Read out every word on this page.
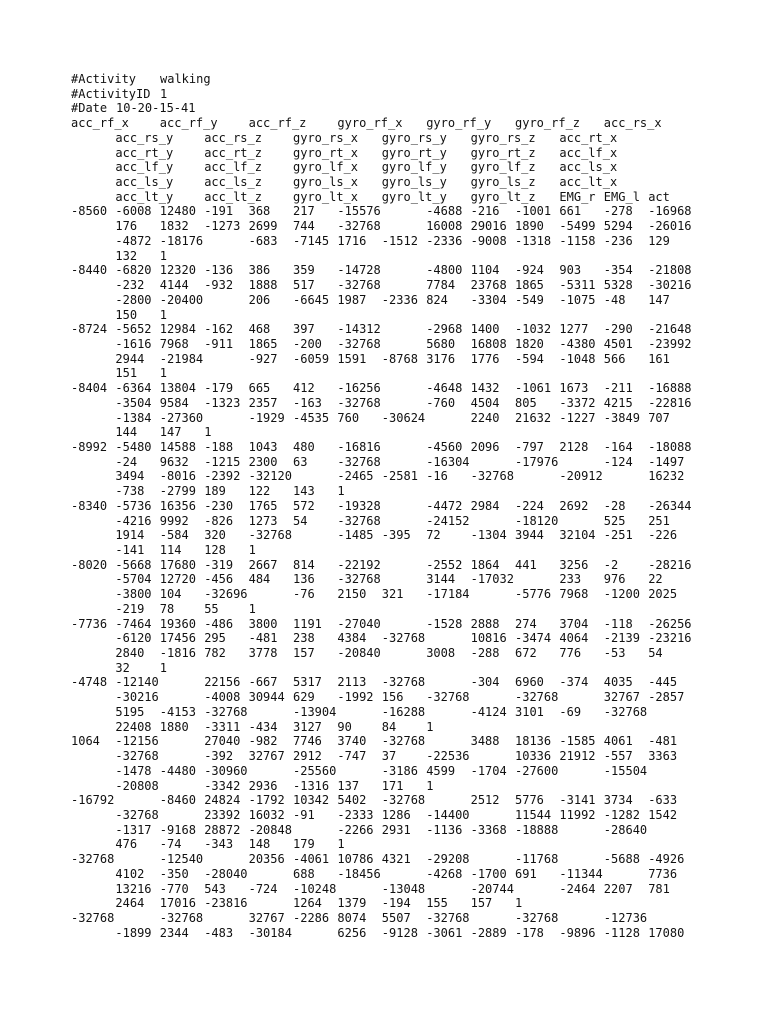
#Activity walking
#ActivityID 1
#Date 10-20-15-41
acc_rf_x	acc_rf_y	acc_rf_z	gyro_rf_x gyro_rf_y gyro_rf_z acc_rs_x
acc_rs_y	acc_rs_z	gyro_rs_x gyro_rs_y gyro_rs_z acc_rt_x
acc_rt_y	acc_rt_z	gyro_rt_x gyro_rt_y gyro_rt_z acc_lf_x
acc_lf_y	acc_lf_z	gyro_lf_x gyro_lf_y gyro_lf_z acc_ls_x
acc_ls_y	acc_ls_z	gyro_ls_x gyro_ls_y gyro_ls_z acc_lt_x
acc_lt_y	acc_lt_z	gyro_lt_x gyro_lt_y gyro_lt_z EMG_r EMG_l act
-8560 -6008 12480 -191 368 217 -15576	-4688 -216 -1001 661 -278 -16968
176 1832 -1273 2699 744 -32768	16008 29016 1890 -5499 5294 -26016
-4872 -18176	-683 -7145 1716 -1512 -2336 -9008 -1318 -1158 -236 129
132 1
-8440 -6820 12320 -136 386 359 -14728	-4800 1104 -924 903 -354 -21808
-232 4144 -932 1888 517 -32768	7784 23768 1865 -5311 5328 -30216
-2800 -20400	206 -6645 1987 -2336 824 -3304 -549 -1075 -48 147
150 1
-8724 -5652 12984 -162 468 397 -14312	-2968 1400 -1032 1277 -290 -21648
-1616 7968 -911 1865 -200 -32768	5680 16808 1820 -4380 4501 -23992
2944 -21984	-927 -6059 1591 -8768 3176 1776 -594 -1048 566 161
151 1
-8404 -6364 13804 -179 665 412 -16256	-4648 1432 -1061 1673 -211 -16888
-3504 9584 -1323 2357 -163 -32768	-760 4504 805 -3372 4215 -22816
-1384 -27360	-1929 -4535 760 -30624	2240 21632 -1227 -3849 707
144 147 1
-8992 -5480 14588 -188 1043 480 -16816	-4560 2096 -797 2128 -164 -18088
-24 9632 -1215 2300 63 -32768	-16304	-17976	-124 -1497
3494 -8016 -2392 -32120	-2465 -2581 -16 -32768	-20912	16232
-738 -2799 189 122 143 1
-8340 -5736 16356 -230 1765 572 -19328	-4472 2984 -224 2692 -28 -26344
-4216 9992 -826 1273 54 -32768	-24152	-18120	525 251
1914 -584 320 -32768	-1485 -395 72 -1304 3944 32104 -251 -226
-141 114 128 1
-8020 -5668 17680 -319 2667 814 -22192	-2552 1864 441 3256 -2 -28216
-5704 12720 -456 484 136 -32768	3144 -17032	233 976 22
-3800 104 -32696	-76 2150 321 -17184	-5776 7968 -1200 2025
-219 78 55 1
-7736 -7464 19360 -486 3800 1191 -27040	-1528 2888 274 3704 -118 -26256
-6120 17456 295 -481 238 4384 -32768	10816 -3474 4064 -2139 -23216
2840 -1816 782 3778 157 -20840	3008 -288 672 776 -53 54
32 1
-4748 -12140	22156 -667 5317 2113 -32768	-304 6960 -374 4035 -445
-30216	-4008 30944 629 -1992 156 -32768	-32768	32767 -2857
5195 -4153 -32768	-13904	-16288	-4124 3101 -69 -32768
22408 1880 -3311 -434 3127 90 84 1
1064 -12156	27040 -982 7746 3740 -32768	3488 18136 -1585 4061 -481
-32768	-392 32767 2912 -747 37 -22536	10336 21912 -557 3363
-1478 -4480 -30960	-25560	-3186 4599 -1704 -27600	-15504
-20808	-3342 2936 -1316 137 171 1
-16792	-8460 24824 -1792 10342 5402 -32768	2512 5776 -3141 3734 -633
-32768	23392 16032 -91 -2333 1286 -14400	11544 11992 -1282 1542
-1317 -9168 28872 -20848	-2266 2931 -1136 -3368 -18888	-28640
476 -74 -343 148 179 1
-32768	-12540	20356 -4061 10786 4321 -29208	-11768	-5688 -4926
4102 -350 -28040	688 -18456	-4268 -1700 691 -11344	7736
13216 -770 543 -724 -10248	-13048	-20744	-2464 2207 781
2464 17016 -23816	1264 1379 -194 155 157 1
-32768	-32768	32767 -2286 8074 5507 -32768	-32768	-12736
-1899 2344 -483 -30184	6256 -9128 -3061 -2889 -178 -9896 -1128 17080
